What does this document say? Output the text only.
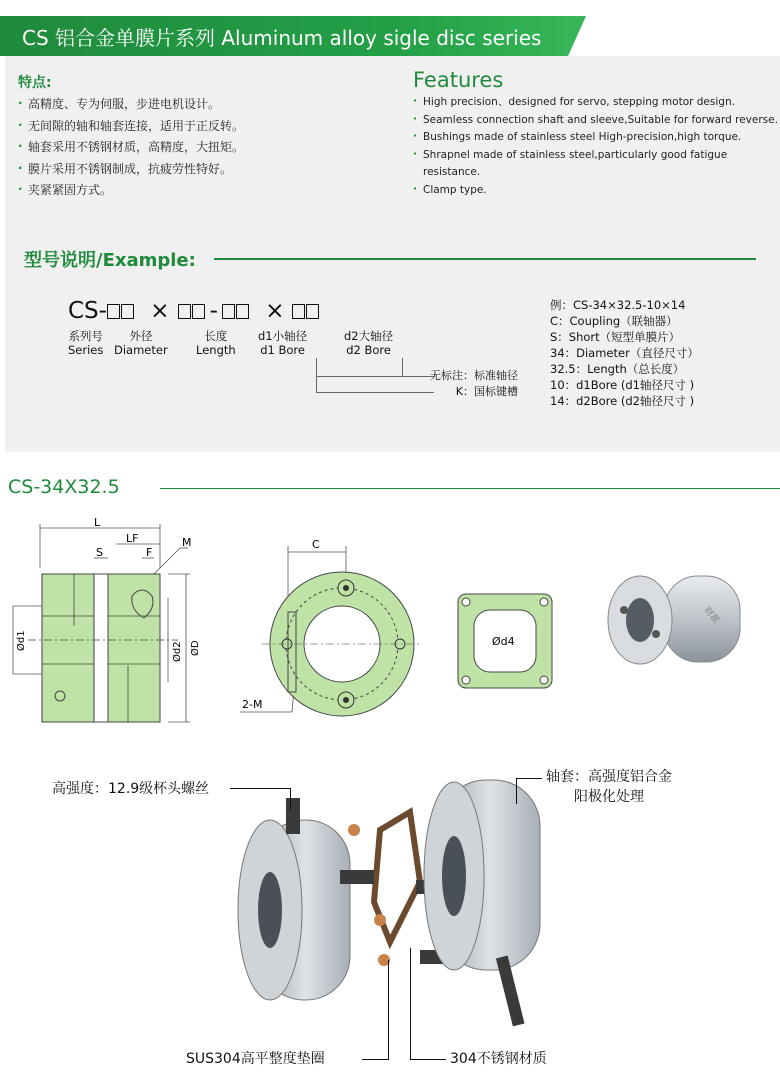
CS 铝合金单膜片系列 Aluminum alloy sigle disc series
特点:
· 高精度、专为伺服，步进电机设计。
· 无间隙的轴和轴套连接，适用于正反转。
· 轴套采用不锈钢材质，高精度，大扭矩。
· 膜片采用不锈钢制成，抗疲劳性特好。
· 夹紧紧固方式。
Features
· High precision、designed for servo, stepping motor design.
· Seamless connection shaft and sleeve,Suitable for forward reverse.
· Bushings made of stainless steel High-precision,high torque.
· Shrapnel made of stainless steel,particularly good fatigue resistance.
· Clamp type.
型号说明/Example:
CS- × - ×
系列号
Series
外径
Diameter
长度
Length
d1小轴径
d1 Bore
d2大轴径
d2 Bore
无标注：标准轴径
K：国标键槽
例：CS-34×32.5-10×14
C：Coupling（联轴器）
S：Short（短型单膜片）
34：Diameter（直径尺寸）
32.5：Length（总长度）
10：d1Bore (d1轴径尺寸 )
14：d2Bore (d2轴径尺寸 )
CS-34X32.5
L
LF
S	F
M
Ød1
Ød2 ØD
C
2-M
Ød4
财派
高强度：12.9级杯头螺丝
轴套：高强度铝合金
阳极化处理
SUS304高平整度垫圈	304不锈钢材质
